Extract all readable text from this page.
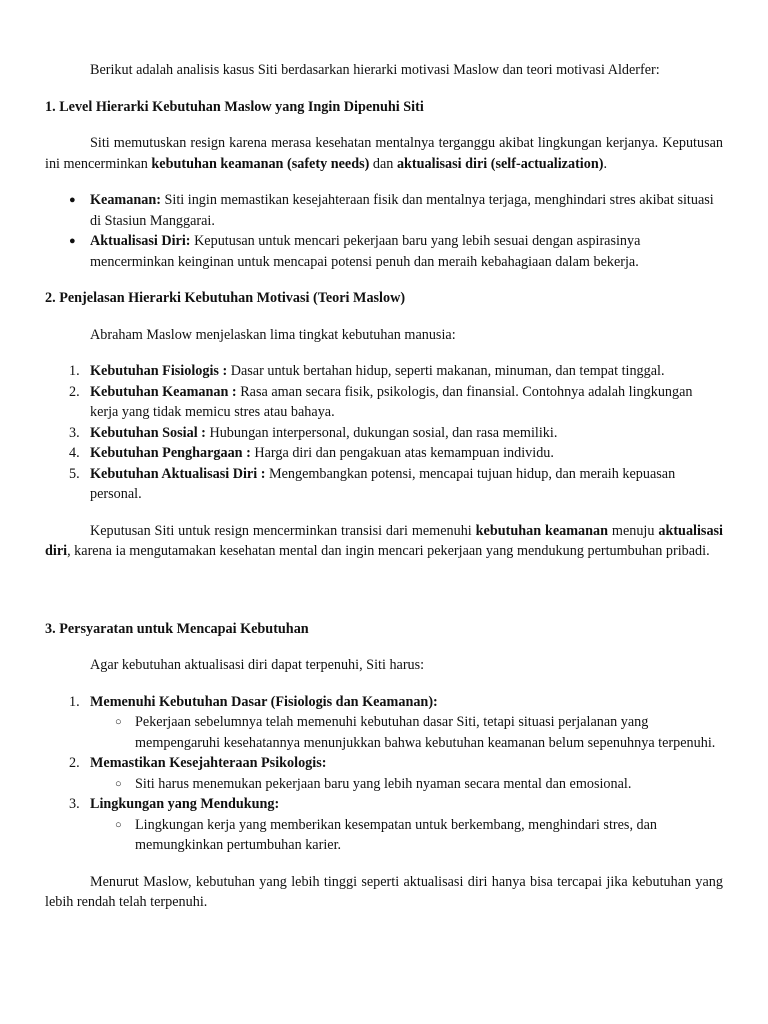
Berikut adalah analisis kasus Siti berdasarkan hierarki motivasi Maslow dan teori motivasi Alderfer:

1. Level Hierarki Kebutuhan Maslow yang Ingin Dipenuhi Siti

Siti memutuskan resign karena merasa kesehatan mentalnya terganggu akibat lingkungan kerjanya. Keputusan ini mencerminkan kebutuhan keamanan (safety needs) dan aktualisasi diri (self-actualization).

● Keamanan: Siti ingin memastikan kesejahteraan fisik dan mentalnya terjaga, menghindari stres akibat situasi di Stasiun Manggarai.
● Aktualisasi Diri: Keputusan untuk mencari pekerjaan baru yang lebih sesuai dengan aspirasinya mencerminkan keinginan untuk mencapai potensi penuh dan meraih kebahagiaan dalam bekerja.
2. Penjelasan Hierarki Kebutuhan Motivasi (Teori Maslow)

Abraham Maslow menjelaskan lima tingkat kebutuhan manusia:

1. Kebutuhan Fisiologis : Dasar untuk bertahan hidup, seperti makanan, minuman, dan tempat tinggal.
2. Kebutuhan Keamanan : Rasa aman secara fisik, psikologis, dan finansial. Contohnya adalah lingkungan kerja yang tidak memicu stres atau bahaya.
3. Kebutuhan Sosial : Hubungan interpersonal, dukungan sosial, dan rasa memiliki.
4. Kebutuhan Penghargaan : Harga diri dan pengakuan atas kemampuan individu.
5. Kebutuhan Aktualisasi Diri : Mengembangkan potensi, mencapai tujuan hidup, dan meraih kepuasan personal.

Keputusan Siti untuk resign mencerminkan transisi dari memenuhi kebutuhan keamanan menuju aktualisasi diri, karena ia mengutamakan kesehatan mental dan ingin mencari pekerjaan yang mendukung pertumbuhan pribadi.

3. Persyaratan untuk Mencapai Kebutuhan

Agar kebutuhan aktualisasi diri dapat terpenuhi, Siti harus:

1. Memenuhi Kebutuhan Dasar (Fisiologis dan Keamanan):
○ Pekerjaan sebelumnya telah memenuhi kebutuhan dasar Siti, tetapi situasi perjalanan yang mempengaruhi kesehatannya menunjukkan bahwa kebutuhan keamanan belum sepenuhnya terpenuhi.
2. Memastikan Kesejahteraan Psikologis:
○ Siti harus menemukan pekerjaan baru yang lebih nyaman secara mental dan emosional.
3. Lingkungan yang Mendukung:
○ Lingkungan kerja yang memberikan kesempatan untuk berkembang, menghindari stres, dan memungkinkan pertumbuhan karier.

Menurut Maslow, kebutuhan yang lebih tinggi seperti aktualisasi diri hanya bisa tercapai jika kebutuhan yang lebih rendah telah terpenuhi.
